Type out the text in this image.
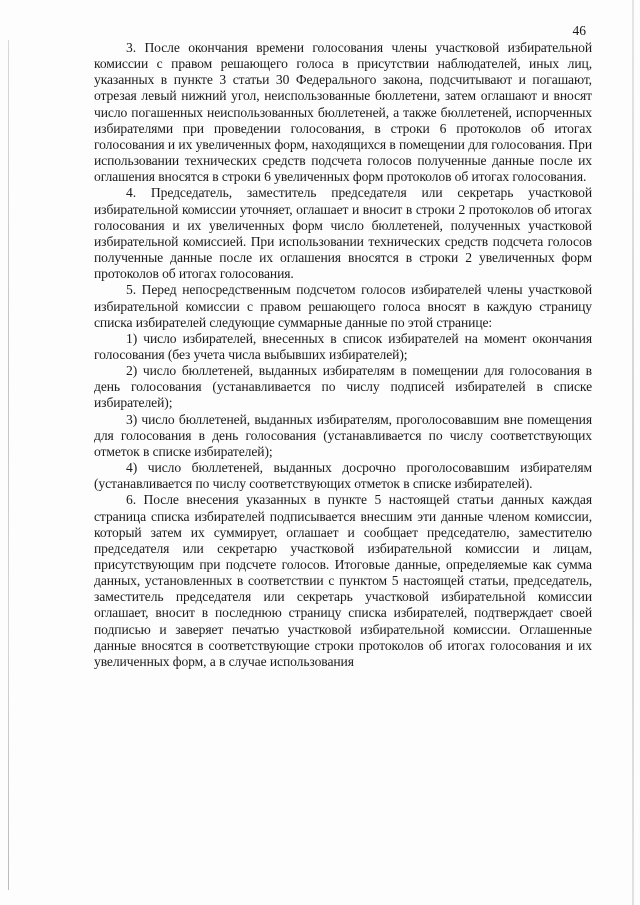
46

3. После окончания времени голосования члены участковой избирательной комиссии с правом решающего голоса в присутствии наблюдателей, иных лиц, указанных в пункте 3 статьи 30 Федерального закона, подсчитывают и погашают, отрезая левый нижний угол, неиспользованные бюллетени, затем оглашают и вносят число погашенных неиспользованных бюллетеней, а также бюллетеней, испорченных избирателями при проведении голосования, в строки 6 протоколов об итогах голосования и их увеличенных форм, находящихся в помещении для голосования. При использовании технических средств подсчета голосов полученные данные после их оглашения вносятся в строки 6 увеличенных форм протоколов об итогах голосования.

4. Председатель, заместитель председателя или секретарь участковой избирательной комиссии уточняет, оглашает и вносит в строки 2 протоколов об итогах голосования и их увеличенных форм число бюллетеней, полученных участковой избирательной комиссией. При использовании технических средств подсчета голосов полученные данные после их оглашения вносятся в строки 2 увеличенных форм протоколов об итогах голосования.

5. Перед непосредственным подсчетом голосов избирателей члены участковой избирательной комиссии с правом решающего голоса вносят в каждую страницу списка избирателей следующие суммарные данные по этой странице:

1) число избирателей, внесенных в список избирателей на момент окончания голосования (без учета числа выбывших избирателей);

2) число бюллетеней, выданных избирателям в помещении для голосования в день голосования (устанавливается по числу подписей избирателей в списке избирателей);

3) число бюллетеней, выданных избирателям, проголосовавшим вне помещения для голосования в день голосования (устанавливается по числу соответствующих отметок в списке избирателей);

4) число бюллетеней, выданных досрочно проголосовавшим избирателям (устанавливается по числу соответствующих отметок в списке избирателей).

6. После внесения указанных в пункте 5 настоящей статьи данных каждая страница списка избирателей подписывается внесшим эти данные членом комиссии, который затем их суммирует, оглашает и сообщает председателю, заместителю председателя или секретарю участковой избирательной комиссии и лицам, присутствующим при подсчете голосов. Итоговые данные, определяемые как сумма данных, установленных в соответствии с пунктом 5 настоящей статьи, председатель, заместитель председателя или секретарь участковой избирательной комиссии оглашает, вносит в последнюю страницу списка избирателей, подтверждает своей подписью и заверяет печатью участковой избирательной комиссии. Оглашенные данные вносятся в соответствующие строки протоколов об итогах голосования и их увеличенных форм, а в случае использования
